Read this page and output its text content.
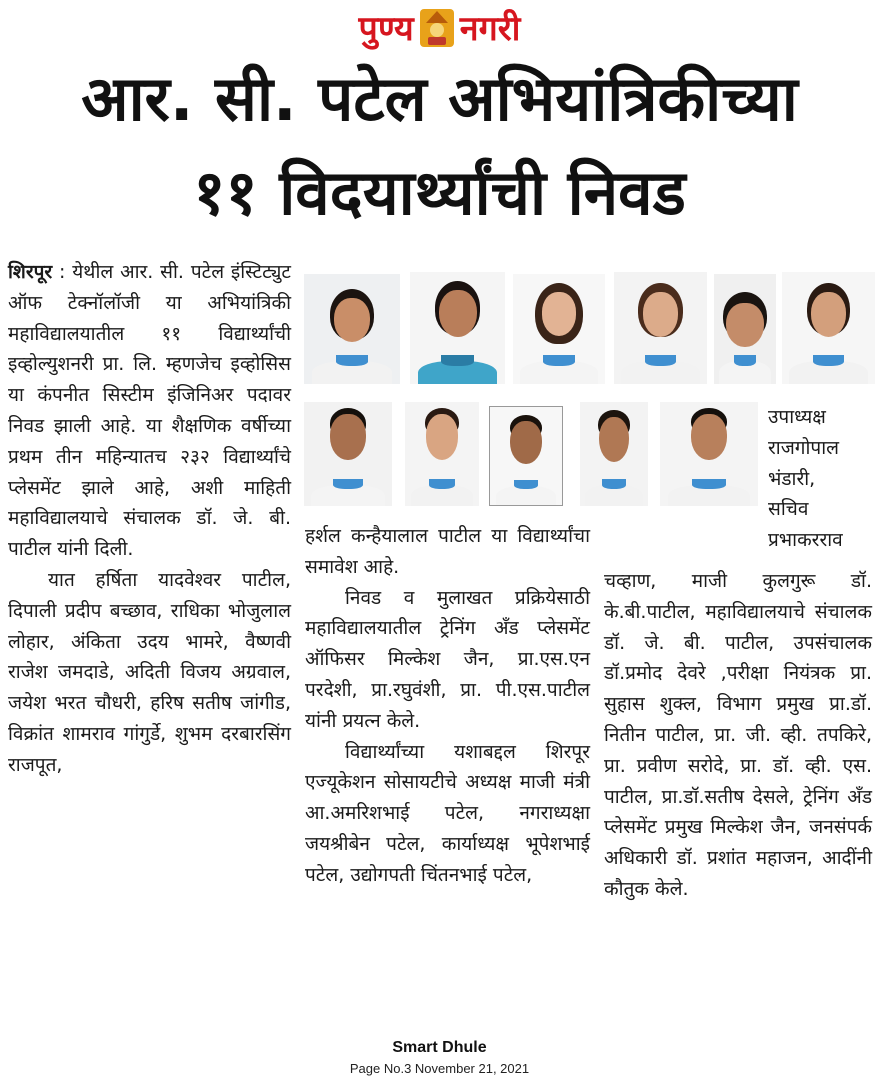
पुण्य नगरी
आर. सी. पटेल अभियांत्रिकीच्या
११ विदयार्थ्यांची निवड

शिरपूर : येथील आर. सी. पटेल इंस्टिट्युट ऑफ टेक्नॉलॉजी या अभियांत्रिकी महाविद्यालयातील ११ विद्यार्थ्यांची इव्होल्युशनरी प्रा. लि. म्हणजेच इव्होसिस या कंपनीत सिस्टीम इंजिनिअर पदावर निवड झाली आहे. या शैक्षणिक वर्षीच्या प्रथम तीन महिन्यातच २३२ विद्यार्थ्यांचे प्लेसमेंट झाले आहे, अशी माहिती महाविद्यालयाचे संचालक डॉ. जे. बी. पाटील यांनी दिली.

यात हर्षिता यादवेश्वर पाटील, दिपाली प्रदीप बच्छाव, राधिका भोजुलाल लोहार, अंकिता उदय भामरे, वैष्णवी राजेश जमदाडे, अदिती विजय अग्रवाल, जयेश भरत चौधरी, हरिष सतीष जांगीड, विक्रांत शामराव गांगुर्डे, शुभम दरबारसिंग राजपूत,

उपाध्यक्ष
राजगोपाल
भंडारी,
सचिव
प्रभाकरराव

हर्शल कन्हैयालाल पाटील या विद्यार्थ्यांचा समावेश आहे.

निवड व मुलाखत प्रक्रियेसाठी महाविद्यालयातील ट्रेनिंग अँड प्लेसमेंट ऑफिसर मिल्केश जैन, प्रा.एस.एन परदेशी, प्रा.रघुवंशी, प्रा. पी.एस.पाटील यांनी प्रयत्न केले.

विद्यार्थ्यांच्या यशाबद्दल शिरपूर एज्यूकेशन सोसायटीचे अध्यक्ष माजी मंत्री आ.अमरिशभाई पटेल, नगराध्यक्षा जयश्रीबेन पटेल, कार्याध्यक्ष भूपेशभाई पटेल, उद्योगपती चिंतनभाई पटेल,

चव्हाण, माजी कुलगुरू डॉ. के.बी.पाटील, महाविद्यालयाचे संचालक डॉ. जे. बी. पाटील, उपसंचालक डॉ.प्रमोद देवरे ,परीक्षा नियंत्रक प्रा. सुहास शुक्ल, विभाग प्रमुख प्रा.डॉ. नितीन पाटील, प्रा. जी. व्ही. तपकिरे, प्रा. प्रवीण सरोदे, प्रा. डॉ. व्ही. एस. पाटील, प्रा.डॉ.सतीष देसले, ट्रेनिंग अँड प्लेसमेंट प्रमुख मिल्केश जैन, जनसंपर्क अधिकारी डॉ. प्रशांत महाजन, आदींनी कौतुक केले.

Smart Dhule
Page No.3 November 21, 2021
